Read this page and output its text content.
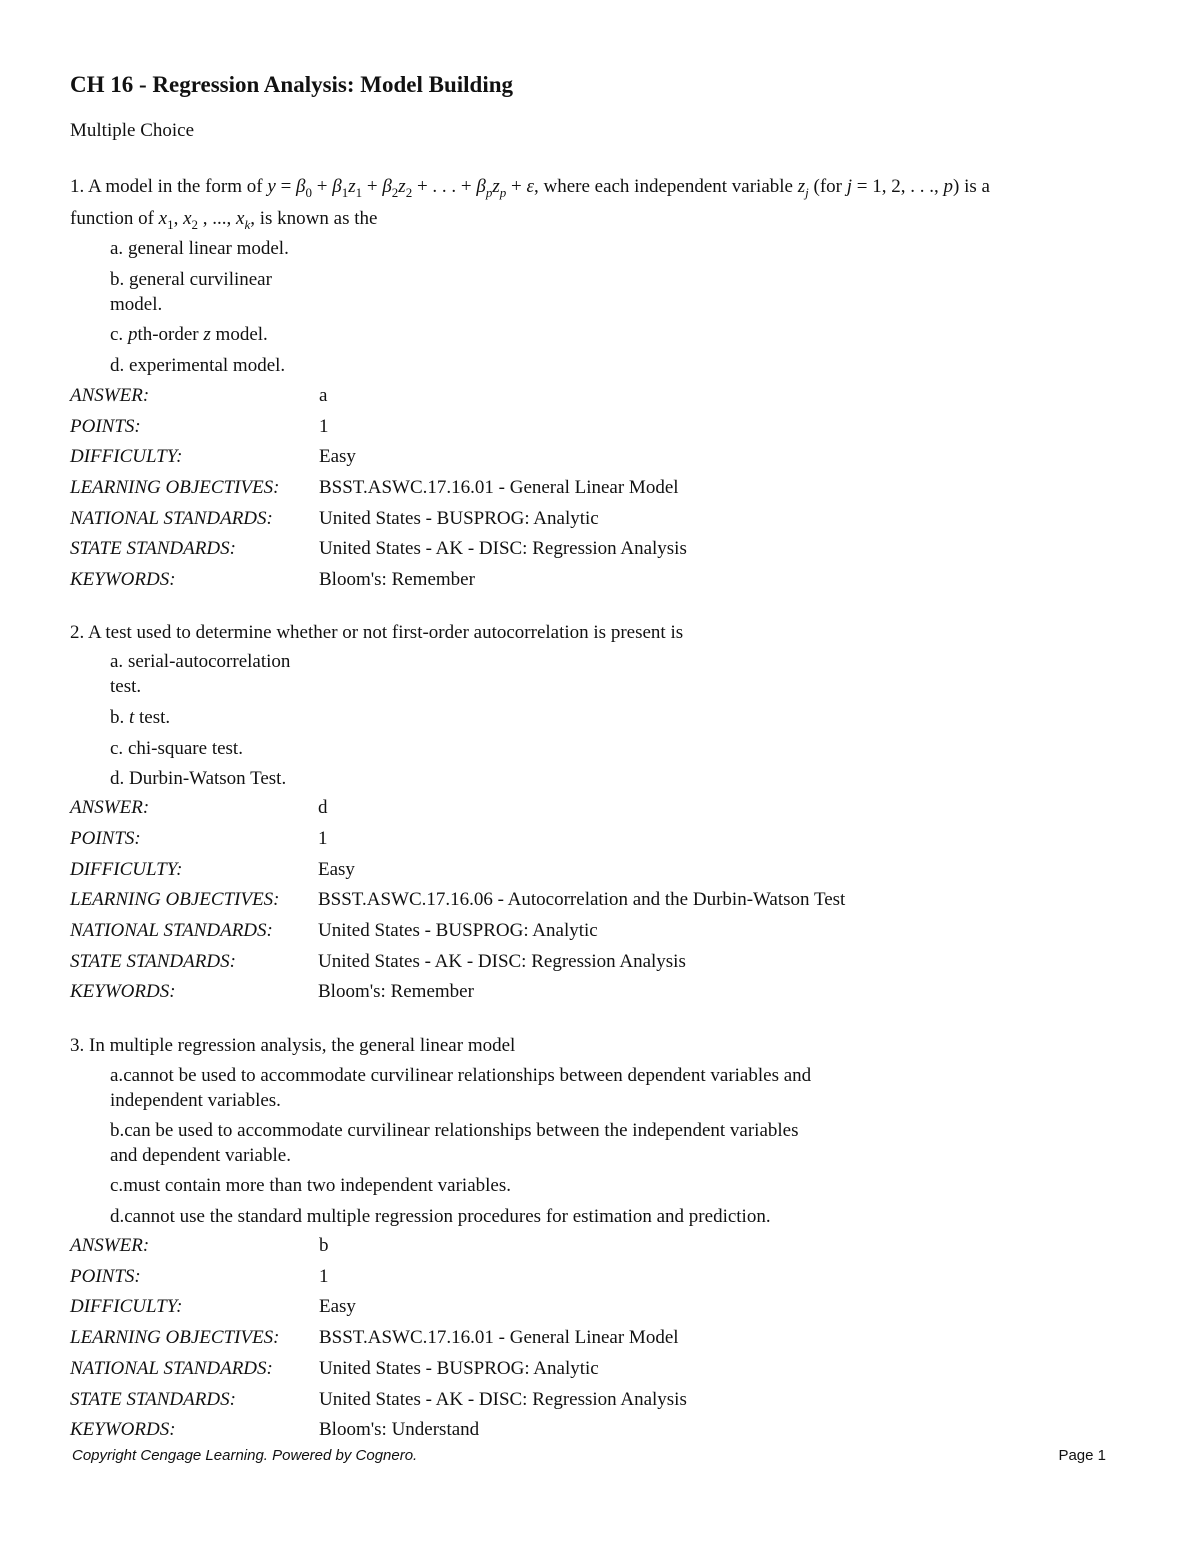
CH 16 - Regression Analysis: Model Building
Multiple Choice
1. A model in the form of $y = \beta_0 + \beta_1z_1 + \beta_2z_2$ + . . . + $\beta_pz_p + \varepsilon$, where each independent variable $z_j$ (for j = 1, 2, . . ., p) is a
function of $x_1$, $x_2$ , ..., $x_k$, is known as the
a. general linear model.
b. general curvilinear model.
c. pth-order z model.
d. experimental model.
ANSWER:	a
POINTS:	1
DIFFICULTY:	Easy
LEARNING OBJECTIVES: BSST.ASWC.17.16.01 - General Linear Model
NATIONAL STANDARDS: United States - BUSPROG: Analytic
STATE STANDARDS:	United States - AK - DISC: Regression Analysis
KEYWORDS:	Bloom's: Remember
2. A test used to determine whether or not first-order autocorrelation is present is
a. serial-autocorrelation test.
b. t test.
c. chi-square test.
d. Durbin-Watson Test.
ANSWER:	d
POINTS:	1
DIFFICULTY:	Easy
LEARNING OBJECTIVES: BSST.ASWC.17.16.06 - Autocorrelation and the Durbin-Watson Test
NATIONAL STANDARDS: United States - BUSPROG: Analytic
STATE STANDARDS:	United States - AK - DISC: Regression Analysis
KEYWORDS:	Bloom's: Remember
3. In multiple regression analysis, the general linear model
a.cannot be used to accommodate curvilinear relationships between dependent variables and independent variables.
b.can be used to accommodate curvilinear relationships between the independent variables and dependent variable.
c.must contain more than two independent variables.
d.cannot use the standard multiple regression procedures for estimation and prediction.
ANSWER:	b
POINTS:	1
DIFFICULTY:	Easy
LEARNING OBJECTIVES: BSST.ASWC.17.16.01 - General Linear Model
NATIONAL STANDARDS: United States - BUSPROG: Analytic
STATE STANDARDS:	United States - AK - DISC: Regression Analysis
KEYWORDS:	Bloom's: Understand
Copyright Cengage Learning. Powered by Cognero.	Page 1
